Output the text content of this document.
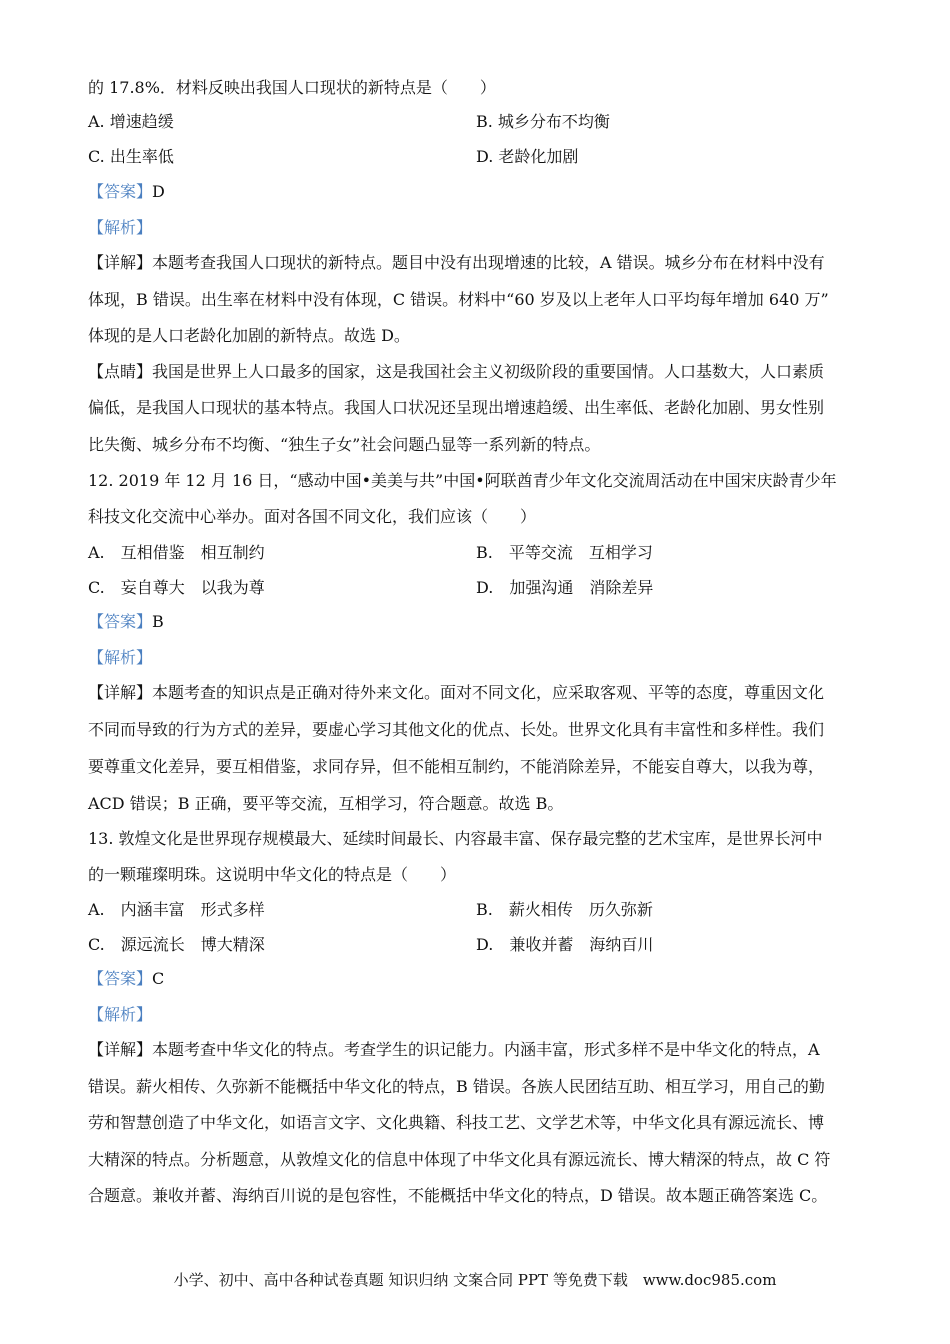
的 17.8%．材料反映出我国人口现状的新特点是（　　）
A. 增速趋缓	B. 城乡分布不均衡
C. 出生率低	D. 老龄化加剧
【答案】D
【解析】
【详解】本题考查我国人口现状的新特点。题目中没有出现增速的比较，A 错误。城乡分布在材料中没有
体现，B 错误。出生率在材料中没有体现，C 错误。材料中“60 岁及以上老年人口平均每年增加 640 万”
体现的是人口老龄化加剧的新特点。故选 D。
【点睛】我国是世界上人口最多的国家，这是我国社会主义初级阶段的重要国情。人口基数大，人口素质
偏低，是我国人口现状的基本特点。我国人口状况还呈现出增速趋缓、出生率低、老龄化加剧、男女性别
比失衡、城乡分布不均衡、“独生子女”社会问题凸显等一系列新的特点。
12. 2019 年 12 月 16 日，“感动中国•美美与共”中国•阿联酋青少年文化交流周活动在中国宋庆龄青少年
科技文化交流中心举办。面对各国不同文化，我们应该（　　）
A.　互相借鉴　相互制约	B.　平等交流　互相学习
C.　妄自尊大　以我为尊	D.　加强沟通　消除差异
【答案】B
【解析】
【详解】本题考查的知识点是正确对待外来文化。面对不同文化，应采取客观、平等的态度，尊重因文化
不同而导致的行为方式的差异，要虚心学习其他文化的优点、长处。世界文化具有丰富性和多样性。我们
要尊重文化差异，要互相借鉴，求同存异，但不能相互制约，不能消除差异，不能妄自尊大，以我为尊，
ACD 错误；B 正确，要平等交流，互相学习，符合题意。故选 B。
13. 敦煌文化是世界现存规模最大、延续时间最长、内容最丰富、保存最完整的艺术宝库，是世界长河中
的一颗璀璨明珠。这说明中华文化的特点是（　　）
A.　内涵丰富　形式多样	B.　薪火相传　历久弥新
C.　源远流长　博大精深	D.　兼收并蓄　海纳百川
【答案】C
【解析】
【详解】本题考查中华文化的特点。考查学生的识记能力。内涵丰富，形式多样不是中华文化的特点，A
错误。薪火相传、久弥新不能概括中华文化的特点，B 错误。各族人民团结互助、相互学习，用自己的勤
劳和智慧创造了中华文化，如语言文字、文化典籍、科技工艺、文学艺术等，中华文化具有源远流长、博
大精深的特点。分析题意，从敦煌文化的信息中体现了中华文化具有源远流长、博大精深的特点，故 C 符
合题意。兼收并蓄、海纳百川说的是包容性，不能概括中华文化的特点，D 错误。故本题正确答案选 C。
小学、初中、高中各种试卷真题 知识归纳 文案合同 PPT 等免费下载　www.doc985.com
